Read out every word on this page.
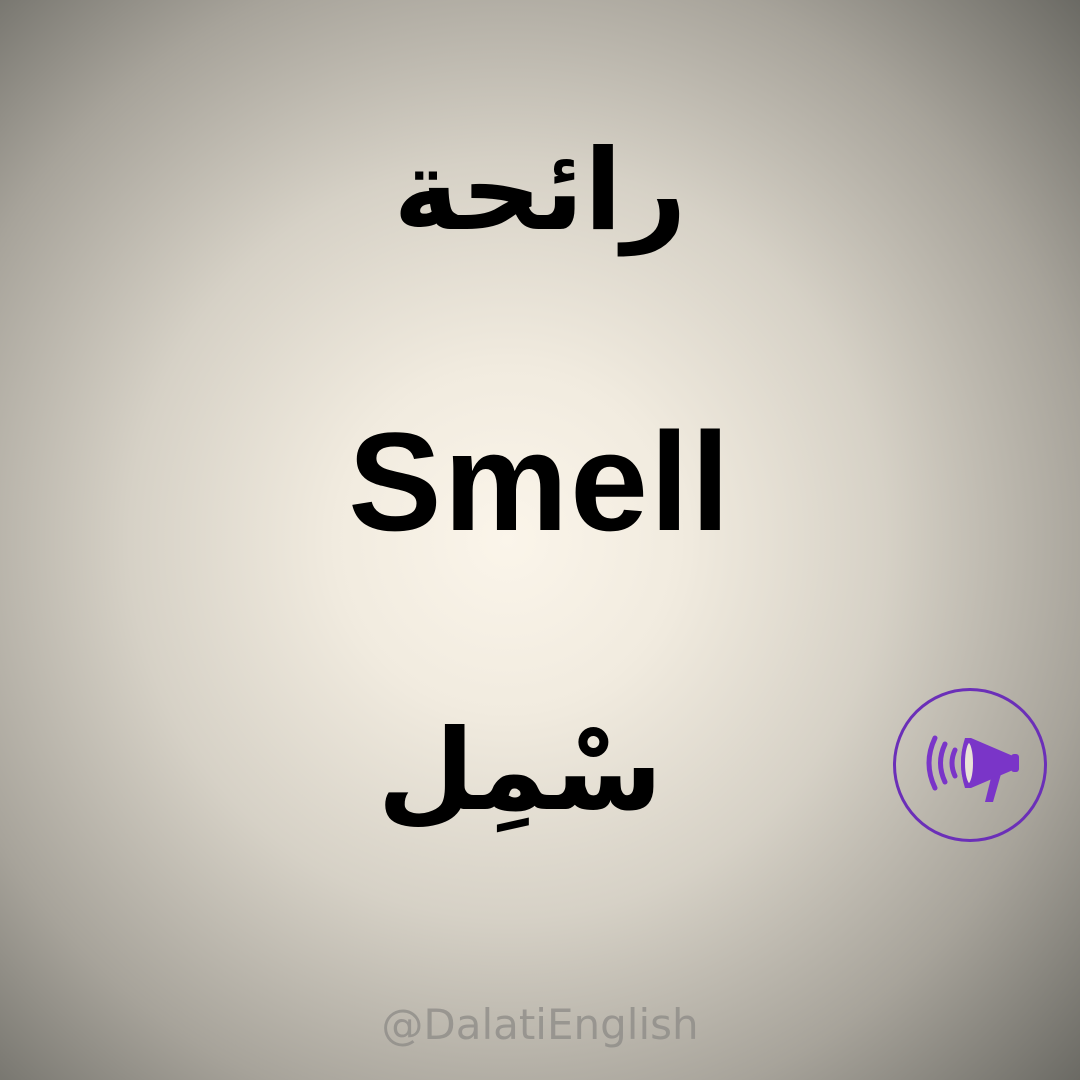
رائحة
Smell
سْمِل
@DalatiEnglish
